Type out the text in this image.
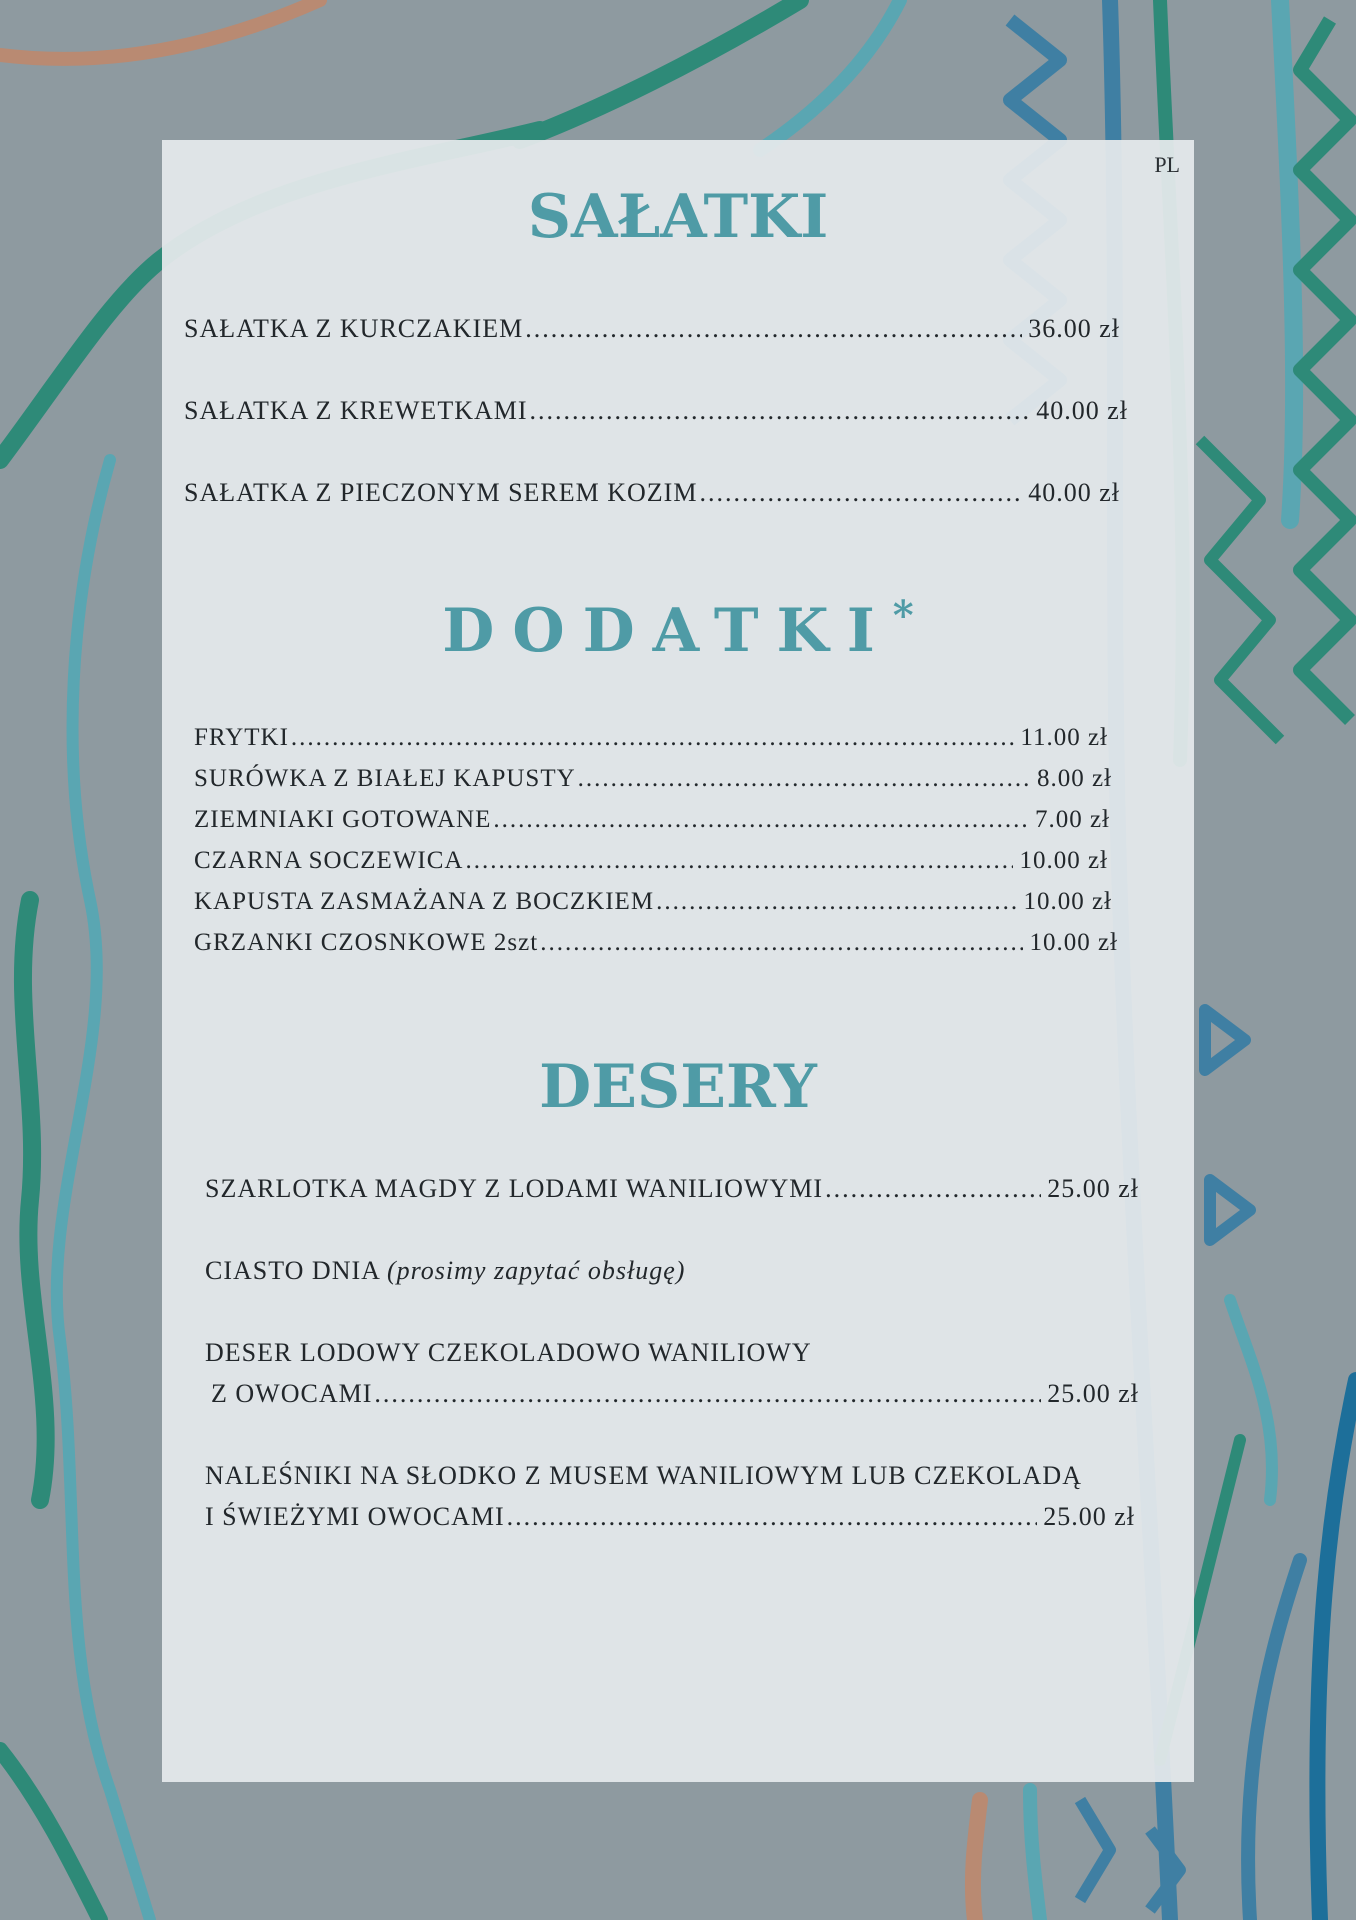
PL
SAŁATKI
SAŁATKA Z KURCZAKIEM .....	36.00 zł
SAŁATKA Z KREWETKAMI .....	40.00 zł
SAŁATKA Z PIECZONYM SEREM KOZIM .....	40.00 zł
DODATKI*
FRYTKI .....	11.00 zł
SURÓWKA Z BIAŁEJ KAPUSTY .....	8.00 zł
ZIEMNIAKI GOTOWANE .....	7.00 zł
CZARNA SOCZEWICA .....	10.00 zł
KAPUSTA ZASMAŻANA Z BOCZKIEM .....	10.00 zł
GRZANKI CZOSNKOWE 2szt .....	10.00 zł
DESERY
SZARLOTKA MAGDY Z LODAMI WANILIOWYMI .....	25.00 zł
CIASTO DNIA (prosimy zapytać obsługę)
DESER LODOWY CZEKOLADOWO WANILIOWY
Z OWOCAMI .....	25.00 zł
NALEŚNIKI NA SŁODKO Z MUSEM WANILIOWYM LUB CZEKOLADĄ
I ŚWIEŻYMI OWOCAMI .....	25.00 zł
